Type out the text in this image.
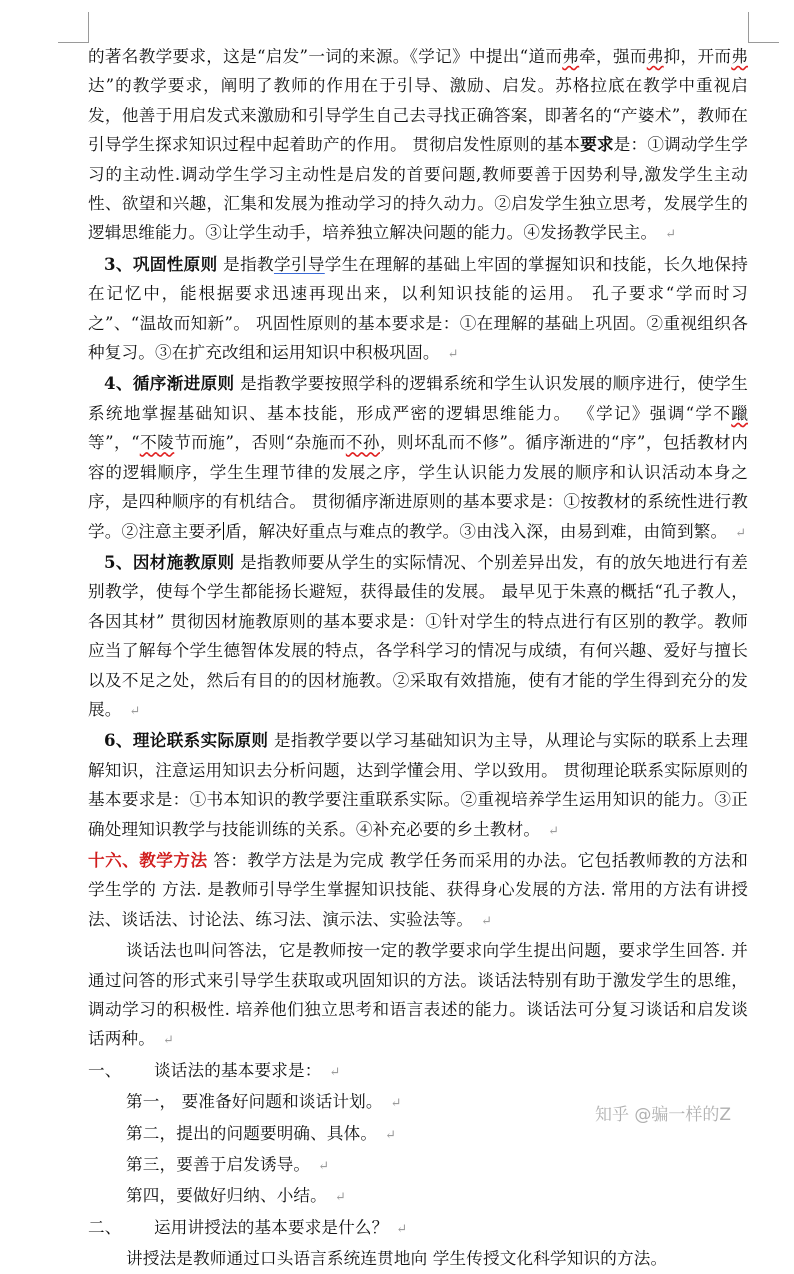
的著名教学要求，这是“启发”一词的来源。《学记》中提出“道而弗牵，强而弗抑，开而弗达”的教学要求，阐明了教师的作用在于引导、激励、启发。苏格拉底在教学中重视启发，他善于用启发式来激励和引导学生自己去寻找正确答案，即著名的“产婆术”，教师在引导学生探求知识过程中起着助产的作用。 贯彻启发性原则的基本要求是：①调动学生学习的主动性.调动学生学习主动性是启发的首要问题,教师要善于因势利导,激发学生主动性、欲望和兴趣，汇集和发展为推动学习的持久动力。②启发学生独立思考，发展学生的逻辑思维能力。③让学生动手，培养独立解决问题的能力。④发扬教学民主。 ↵

3、巩固性原则 是指教学引导学生在理解的基础上牢固的掌握知识和技能，长久地保持在记忆中，能根据要求迅速再现出来，以利知识技能的运用。 孔子要求“学而时习之”、“温故而知新”。 巩固性原则的基本要求是：①在理解的基础上巩固。②重视组织各种复习。③在扩充改组和运用知识中积极巩固。 ↵

4、循序渐进原则 是指教学要按照学科的逻辑系统和学生认识发展的顺序进行，使学生系统地掌握基础知识、基本技能，形成严密的逻辑思维能力。 《学记》强调“学不躐等”，“不陵节而施”，否则“杂施而不孙，则坏乱而不修”。循序渐进的“序”，包括教材内容的逻辑顺序，学生生理节律的发展之序，学生认识能力发展的顺序和认识活动本身之序，是四种顺序的有机结合。 贯彻循序渐进原则的基本要求是：①按教材的系统性进行教学。②注意主要矛 盾，解决好重点与难点的教学。③由浅入深，由易到难，由简到繁。 ↵

5、因材施教原则 是指教师要从学生的实际情况、个别差异出发，有的放矢地进行有差别教学，使每个学生都能扬长避短，获得最佳的发展。 最早见于朱熹的概括“孔子教人，各因其材” 贯彻因材施教原则的基本要求是：①针对学生的特点进行有区别的教学。教师应当了解每个学生德智体发展的特点，各学科学习的情况与成绩，有何兴趣、爱好与擅长以及不足之处，然后有目的的因材施教。②采取有效措施，使有才能的学生得到充分的发展。 ↵

6、理论联系实际原则 是指教学要以学习基础知识为主导，从理论与实际的联系上去理解知识，注意运用知识去分析问题，达到学懂会用、学以致用。 贯彻理论联系实际原则的基本要求是：①书本知识的教学要注重联系实际。②重视培养学生运用知识的能力。③正确处理知识教学与技能训练的关系。④补充必要的乡土教材。 ↵

十六、教学方法 答：教学方法是为完成 教学任务而采用的办法。它包括教师教的方法和学生学的 方法. 是教师引导学生掌握知识技能、获得身心发展的方法. 常用的方法有讲授法、谈话法、讨论法、练习法、演示法、实验法等。 ↵

谈话法也叫问答法，它是教师按一定的教学要求向学生提出问题，要求学生回答. 并通过问答的形式来引导学生获取或巩固知识的方法。谈话法特别有助于激发学生的思维，调动学习的积极性. 培养他们独立思考和语言表述的能力。谈话法可分复习谈话和启发谈话两种。 ↵

一、 谈话法的基本要求是： ↵

第一， 要准备好问题和谈话计划。 ↵

第二，提出的问题要明确、具体。 ↵

第三，要善于启发诱导。 ↵

第四，要做好归纳、小结。 ↵

二、 运用讲授法的基本要求是什么？ ↵

讲授法是教师通过口头语言系统连贯地向 学生传授文化科学知识的方法。

知乎 @骗一样的Z
